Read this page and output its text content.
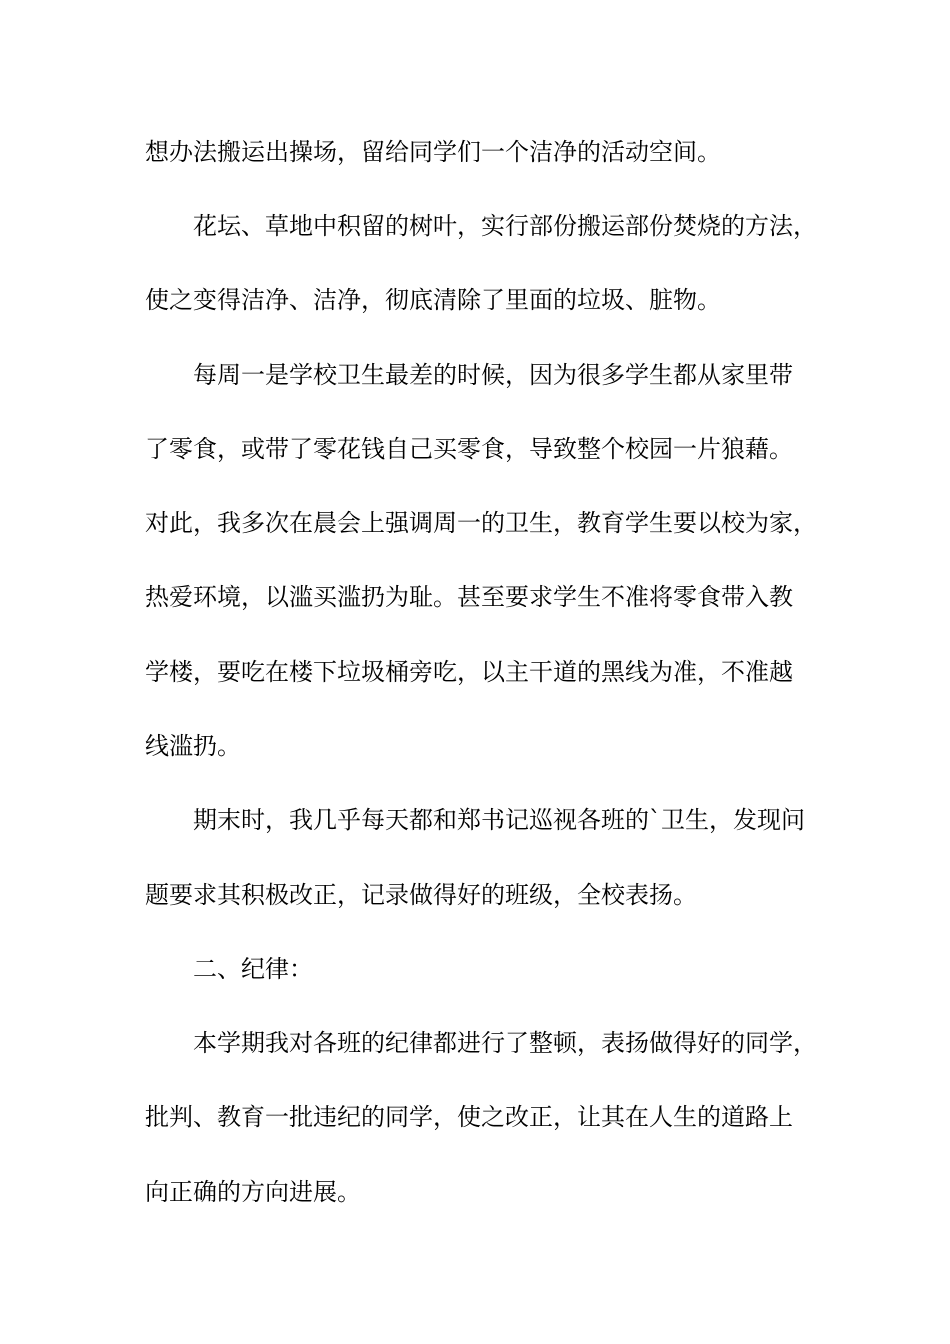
想办法搬运出操场，留给同学们一个洁净的活动空间。
花坛、草地中积留的树叶，实行部份搬运部份焚烧的方法，
使之变得洁净、洁净，彻底清除了里面的垃圾、脏物。
每周一是学校卫生最差的时候，因为很多学生都从家里带
了零食，或带了零花钱自己买零食，导致整个校园一片狼藉。
对此，我多次在晨会上强调周一的卫生，教育学生要以校为家，
热爱环境，以滥买滥扔为耻。甚至要求学生不准将零食带入教
学楼，要吃在楼下垃圾桶旁吃，以主干道的黑线为准，不准越
线滥扔。
期末时，我几乎每天都和郑书记巡视各班的`卫生，发现问
题要求其积极改正，记录做得好的班级，全校表扬。
二、纪律：
本学期我对各班的纪律都进行了整顿，表扬做得好的同学，
批判、教育一批违纪的同学，使之改正，让其在人生的道路上
向正确的方向进展。
